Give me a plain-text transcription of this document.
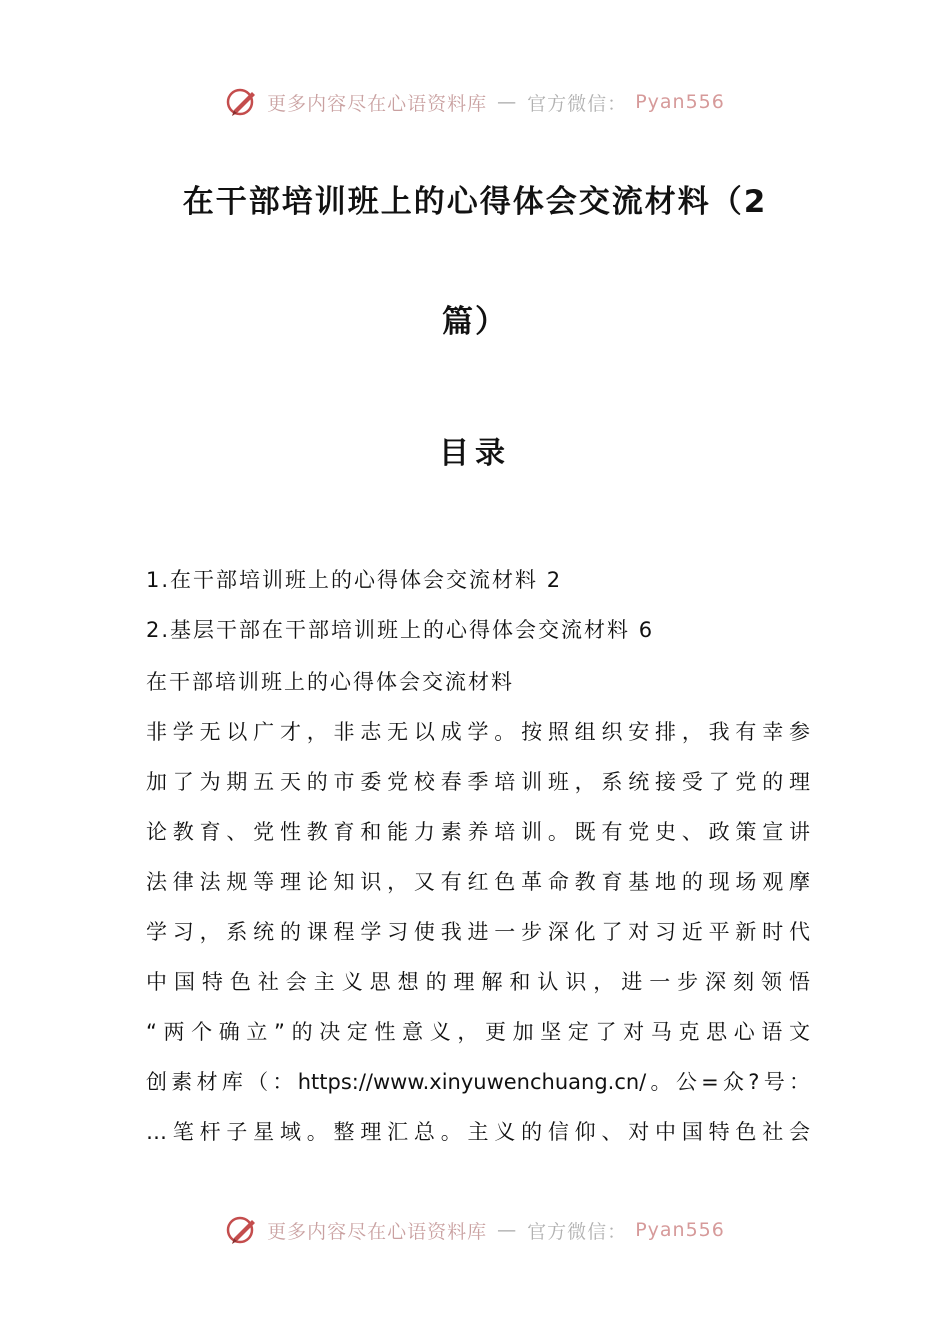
更多内容尽在心语资料库 — 官方微信： Pyan556
在干部培训班上的心得体会交流材料（2
篇）
目录
1.在干部培训班上的心得体会交流材料 2
2.基层干部在干部培训班上的心得体会交流材料 6
在干部培训班上的心得体会交流材料
非学无以广才，非志无以成学。按照组织安排，我有幸参
加了为期五天的市委党校春季培训班，系统接受了党的理
论教育、党性教育和能力素养培训。既有党史、政策宣讲
法律法规等理论知识，又有红色革命教育基地的现场观摩
学习，系统的课程学习使我进一步深化了对习近平新时代
中国特色社会主义思想的理解和认识，进一步深刻领悟
“两个确立”的决定性意义，更加坚定了对马克思心语文
创素材库（：https://www.xinyuwenchuang.cn/。公=众?号：
…笔杆子星域。整理汇总。主义的信仰、对中国特色社会
更多内容尽在心语资料库 — 官方微信： Pyan556
